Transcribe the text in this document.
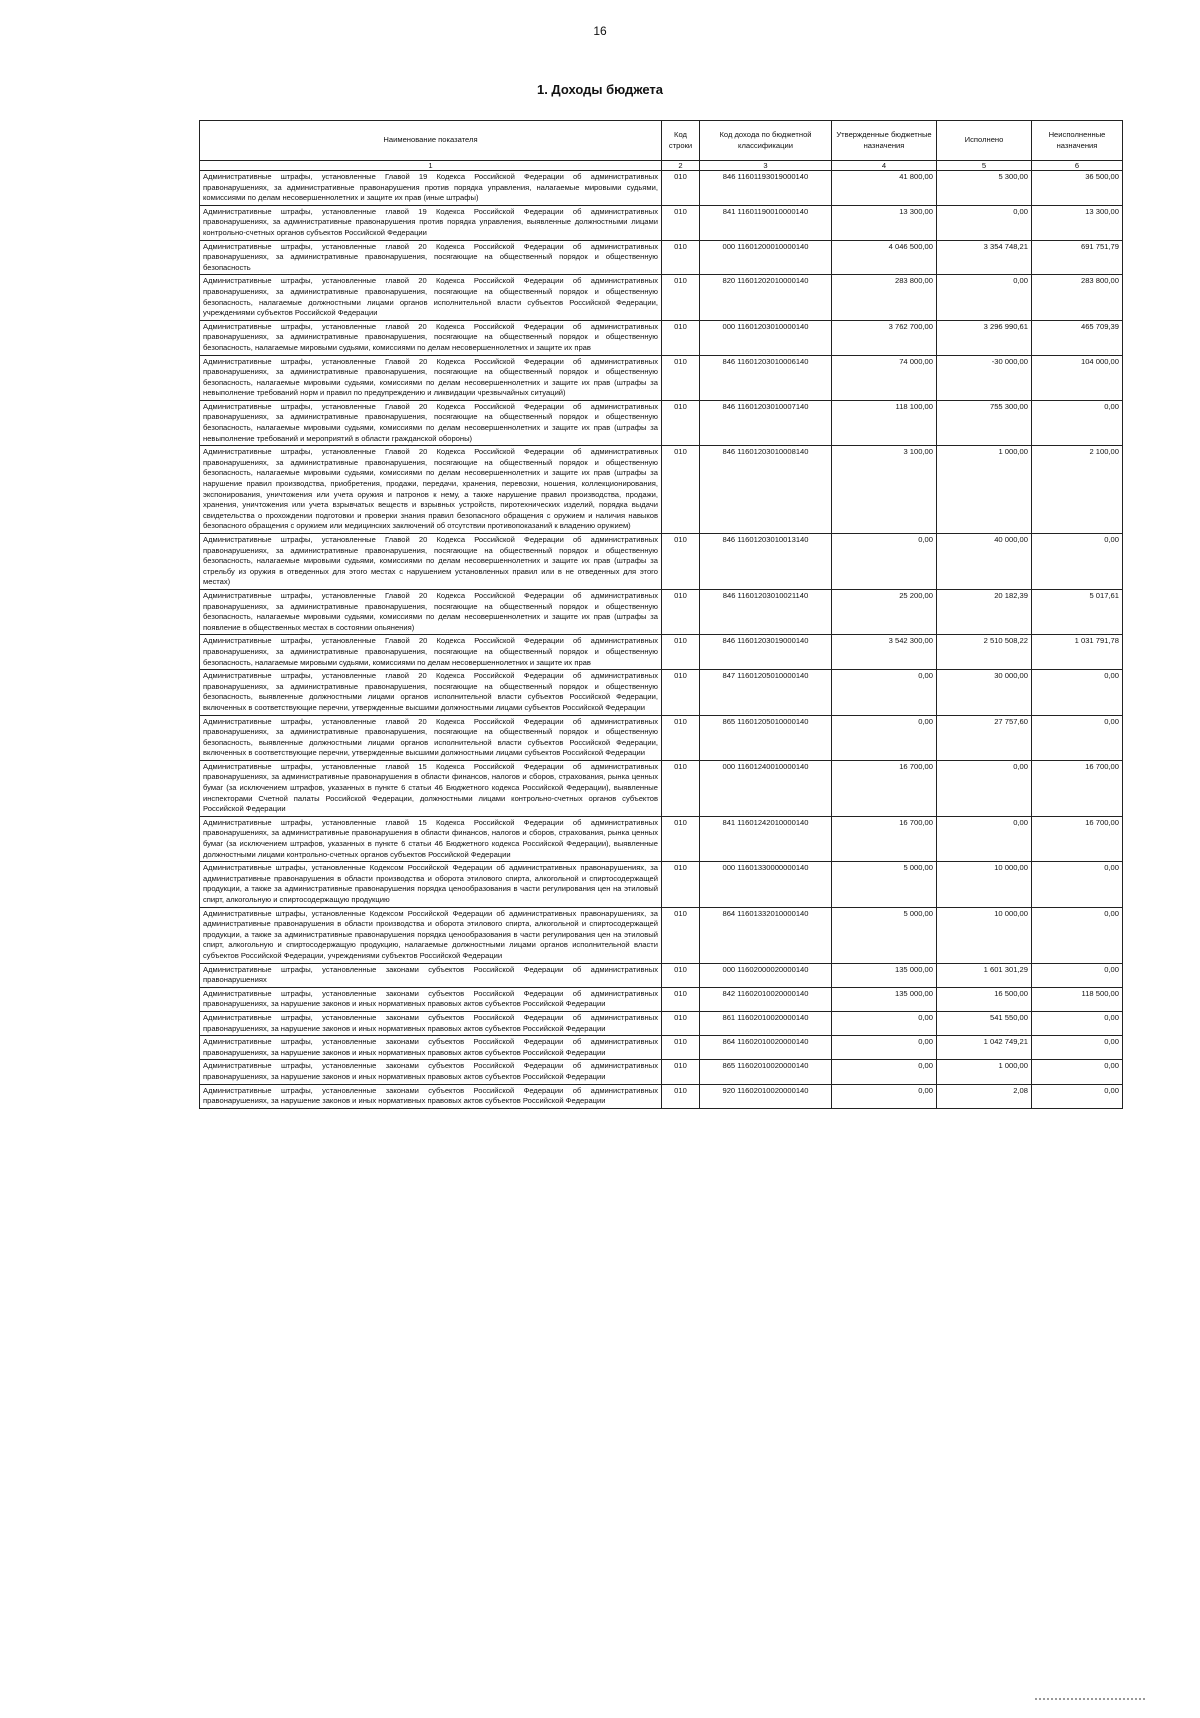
16
1. Доходы бюджета
Наименование показателя	Код строки	Код дохода по бюджетной классификации	Утвержденные бюджетные назначения	Исполнено	Неисполненные назначения
1	2	3	4	5	6
Административные штрафы, установленные Главой 19 Кодекса Российской Федерации об административных правонарушениях, за административные правонарушения против порядка управления, налагаемые мировыми судьями, комиссиями по делам несовершеннолетних и защите их прав (иные штрафы)	010	846 11601193019000140	41 800,00	5 300,00	36 500,00
Административные штрафы, установленные главой 19 Кодекса Российской Федерации об административных правонарушениях, за административные правонарушения против порядка управления, выявленные должностными лицами контрольно-счетных органов субъектов Российской Федерации	010	841 11601190010000140	13 300,00	0,00	13 300,00
Административные штрафы, установленные главой 20 Кодекса Российской Федерации об административных правонарушениях, за административные правонарушения, посягающие на общественный порядок и общественную безопасность	010	000 11601200010000140	4 046 500,00	3 354 748,21	691 751,79
Административные штрафы, установленные главой 20 Кодекса Российской Федерации об административных правонарушениях, за административные правонарушения, посягающие на общественный порядок и общественную безопасность, налагаемые должностными лицами органов исполнительной власти субъектов Российской Федерации, учреждениями субъектов Российской Федерации	010	820 11601202010000140	283 800,00	0,00	283 800,00
Административные штрафы, установленные главой 20 Кодекса Российской Федерации об административных правонарушениях, за административные правонарушения, посягающие на общественный порядок и общественную безопасность, налагаемые мировыми судьями, комиссиями по делам несовершеннолетних и защите их прав	010	000 11601203010000140	3 762 700,00	3 296 990,61	465 709,39
Административные штрафы, установленные Главой 20 Кодекса Российской Федерации об административных правонарушениях, за административные правонарушения, посягающие на общественный порядок и общественную безопасность, налагаемые мировыми судьями, комиссиями по делам несовершеннолетних и защите их прав (штрафы за невыполнение требований норм и правил по предупреждению и ликвидации чрезвычайных ситуаций)	010	846 11601203010006140	74 000,00	-30 000,00	104 000,00
Административные штрафы, установленные Главой 20 Кодекса Российской Федерации об административных правонарушениях, за административные правонарушения, посягающие на общественный порядок и общественную безопасность, налагаемые мировыми судьями, комиссиями по делам несовершеннолетних и защите их прав (штрафы за невыполнение требований и мероприятий в области гражданской обороны)	010	846 11601203010007140	118 100,00	755 300,00	0,00
Административные штрафы, установленные Главой 20 Кодекса Российской Федерации об административных правонарушениях, за административные правонарушения, посягающие на общественный порядок и общественную безопасность, налагаемые мировыми судьями, комиссиями по делам несовершеннолетних и защите их прав (штрафы за нарушение правил производства, приобретения, продажи, передачи, хранения, перевозки, ношения, коллекционирования, экспонирования, уничтожения или учета оружия и патронов к нему, а также нарушение правил производства, продажи, хранения, уничтожения или учета взрывчатых веществ и взрывных устройств, пиротехнических изделий, порядка выдачи свидетельства о прохождении подготовки и проверки знания правил безопасного обращения с оружием и наличия навыков безопасного обращения с оружием или медицинских заключений об отсутствии противопоказаний к владению оружием)	010	846 11601203010008140	3 100,00	1 000,00	2 100,00
Административные штрафы, установленные Главой 20 Кодекса Российской Федерации об административных правонарушениях, за административные правонарушения, посягающие на общественный порядок и общественную безопасность, налагаемые мировыми судьями, комиссиями по делам несовершеннолетних и защите их прав (штрафы за стрельбу из оружия в отведенных для этого местах с нарушением установленных правил или в не отведенных для этого местах)	010	846 11601203010013140	0,00	40 000,00	0,00
Административные штрафы, установленные Главой 20 Кодекса Российской Федерации об административных правонарушениях, за административные правонарушения, посягающие на общественный порядок и общественную безопасность, налагаемые мировыми судьями, комиссиями по делам несовершеннолетних и защите их прав (штрафы за появление в общественных местах в состоянии опьянения)	010	846 11601203010021140	25 200,00	20 182,39	5 017,61
Административные штрафы, установленные Главой 20 Кодекса Российской Федерации об административных правонарушениях, за административные правонарушения, посягающие на общественный порядок и общественную безопасность, налагаемые мировыми судьями, комиссиями по делам несовершеннолетних и защите их прав	010	846 11601203019000140	3 542 300,00	2 510 508,22	1 031 791,78
Административные штрафы, установленные главой 20 Кодекса Российской Федерации об административных правонарушениях, за административные правонарушения, посягающие на общественный порядок и общественную безопасность, выявленные должностными лицами органов исполнительной власти субъектов Российской Федерации, включенных в соответствующие перечни, утвержденные высшими должностными лицами субъектов Российской Федерации	010	847 11601205010000140	0,00	30 000,00	0,00
Административные штрафы, установленные главой 20 Кодекса Российской Федерации об административных правонарушениях, за административные правонарушения, посягающие на общественный порядок и общественную безопасность, выявленные должностными лицами органов исполнительной власти субъектов Российской Федерации, включенных в соответствующие перечни, утвержденные высшими должностными лицами субъектов Российской Федерации	010	865 11601205010000140	0,00	27 757,60	0,00
Административные штрафы, установленные главой 15 Кодекса Российской Федерации об административных правонарушениях, за административные правонарушения в области финансов, налогов и сборов, страхования, рынка ценных бумаг (за исключением штрафов, указанных в пункте 6 статьи 46 Бюджетного кодекса Российской Федерации), выявленные инспекторами Счетной палаты Российской Федерации, должностными лицами контрольно-счетных органов субъектов Российской Федерации	010	000 11601240010000140	16 700,00	0,00	16 700,00
Административные штрафы, установленные главой 15 Кодекса Российской Федерации об административных правонарушениях, за административные правонарушения в области финансов, налогов и сборов, страхования, рынка ценных бумаг (за исключением штрафов, указанных в пункте 6 статьи 46 Бюджетного кодекса Российской Федерации), выявленные должностными лицами контрольно-счетных органов субъектов Российской Федерации	010	841 11601242010000140	16 700,00	0,00	16 700,00
Административные штрафы, установленные Кодексом Российской Федерации об административных правонарушениях, за административные правонарушения в области производства и оборота этилового спирта, алкогольной и спиртосодержащей продукции, а также за административные правонарушения порядка ценообразования в части регулирования цен на этиловый спирт, алкогольную и спиртосодержащую продукцию	010	000 11601330000000140	5 000,00	10 000,00	0,00
Административные штрафы, установленные Кодексом Российской Федерации об административных правонарушениях, за административные правонарушения в области производства и оборота этилового спирта, алкогольной и спиртосодержащей продукции, а также за административные правонарушения порядка ценообразования в части регулирования цен на этиловый спирт, алкогольную и спиртосодержащую продукцию, налагаемые должностными лицами органов исполнительной власти субъектов Российской Федерации, учреждениями субъектов Российской Федерации	010	864 11601332010000140	5 000,00	10 000,00	0,00
Административные штрафы, установленные законами субъектов Российской Федерации об административных правонарушениях	010	000 11602000020000140	135 000,00	1 601 301,29	0,00
Административные штрафы, установленные законами субъектов Российской Федерации об административных правонарушениях, за нарушение законов и иных нормативных правовых актов субъектов Российской Федерации	010	842 11602010020000140	135 000,00	16 500,00	118 500,00
Административные штрафы, установленные законами субъектов Российской Федерации об административных правонарушениях, за нарушение законов и иных нормативных правовых актов субъектов Российской Федерации	010	861 11602010020000140	0,00	541 550,00	0,00
Административные штрафы, установленные законами субъектов Российской Федерации об административных правонарушениях, за нарушение законов и иных нормативных правовых актов субъектов Российской Федерации	010	864 11602010020000140	0,00	1 042 749,21	0,00
Административные штрафы, установленные законами субъектов Российской Федерации об административных правонарушениях, за нарушение законов и иных нормативных правовых актов субъектов Российской Федерации	010	865 11602010020000140	0,00	1 000,00	0,00
Административные штрафы, установленные законами субъектов Российской Федерации об административных правонарушениях, за нарушение законов и иных нормативных правовых актов субъектов Российской Федерации	010	920 11602010020000140	0,00	2,08	0,00
